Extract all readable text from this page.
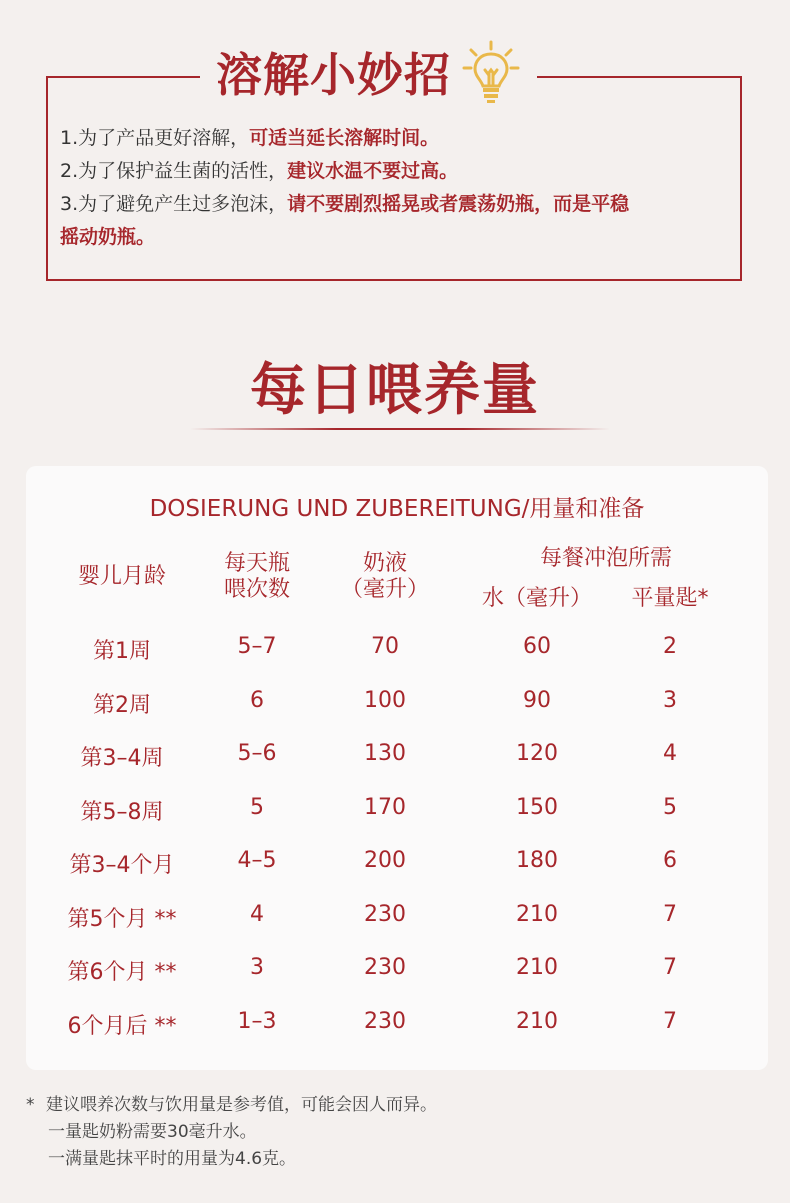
溶解小妙招
1.为了产品更好溶解，可适当延长溶解时间。
2.为了保护益生菌的活性，建议水温不要过高。
3.为了避免产生过多泡沫，请不要剧烈摇晃或者震荡奶瓶，而是平稳
摇动奶瓶。
每日喂养量
DOSIERUNG UND ZUBEREITUNG/用量和准备
婴儿月龄
每天瓶
喂次数
奶液
（毫升）
每餐冲泡所需
水（毫升） 平量匙*
第1周	5–7	70	60	2
第2周	6	100	90	3
第3–4周	5–6	130	120	4
第5–8周	5	170	150	5
第3–4个月	4–5	200	180	6
第5个月 **	4	230	210	7
第6个月 **	3	230	210	7
6个月后 **	1–3	230	210	7
* 建议喂养次数与饮用量是参考值，可能会因人而异。
一量匙奶粉需要30毫升水。
一满量匙抹平时的用量为4.6克。
